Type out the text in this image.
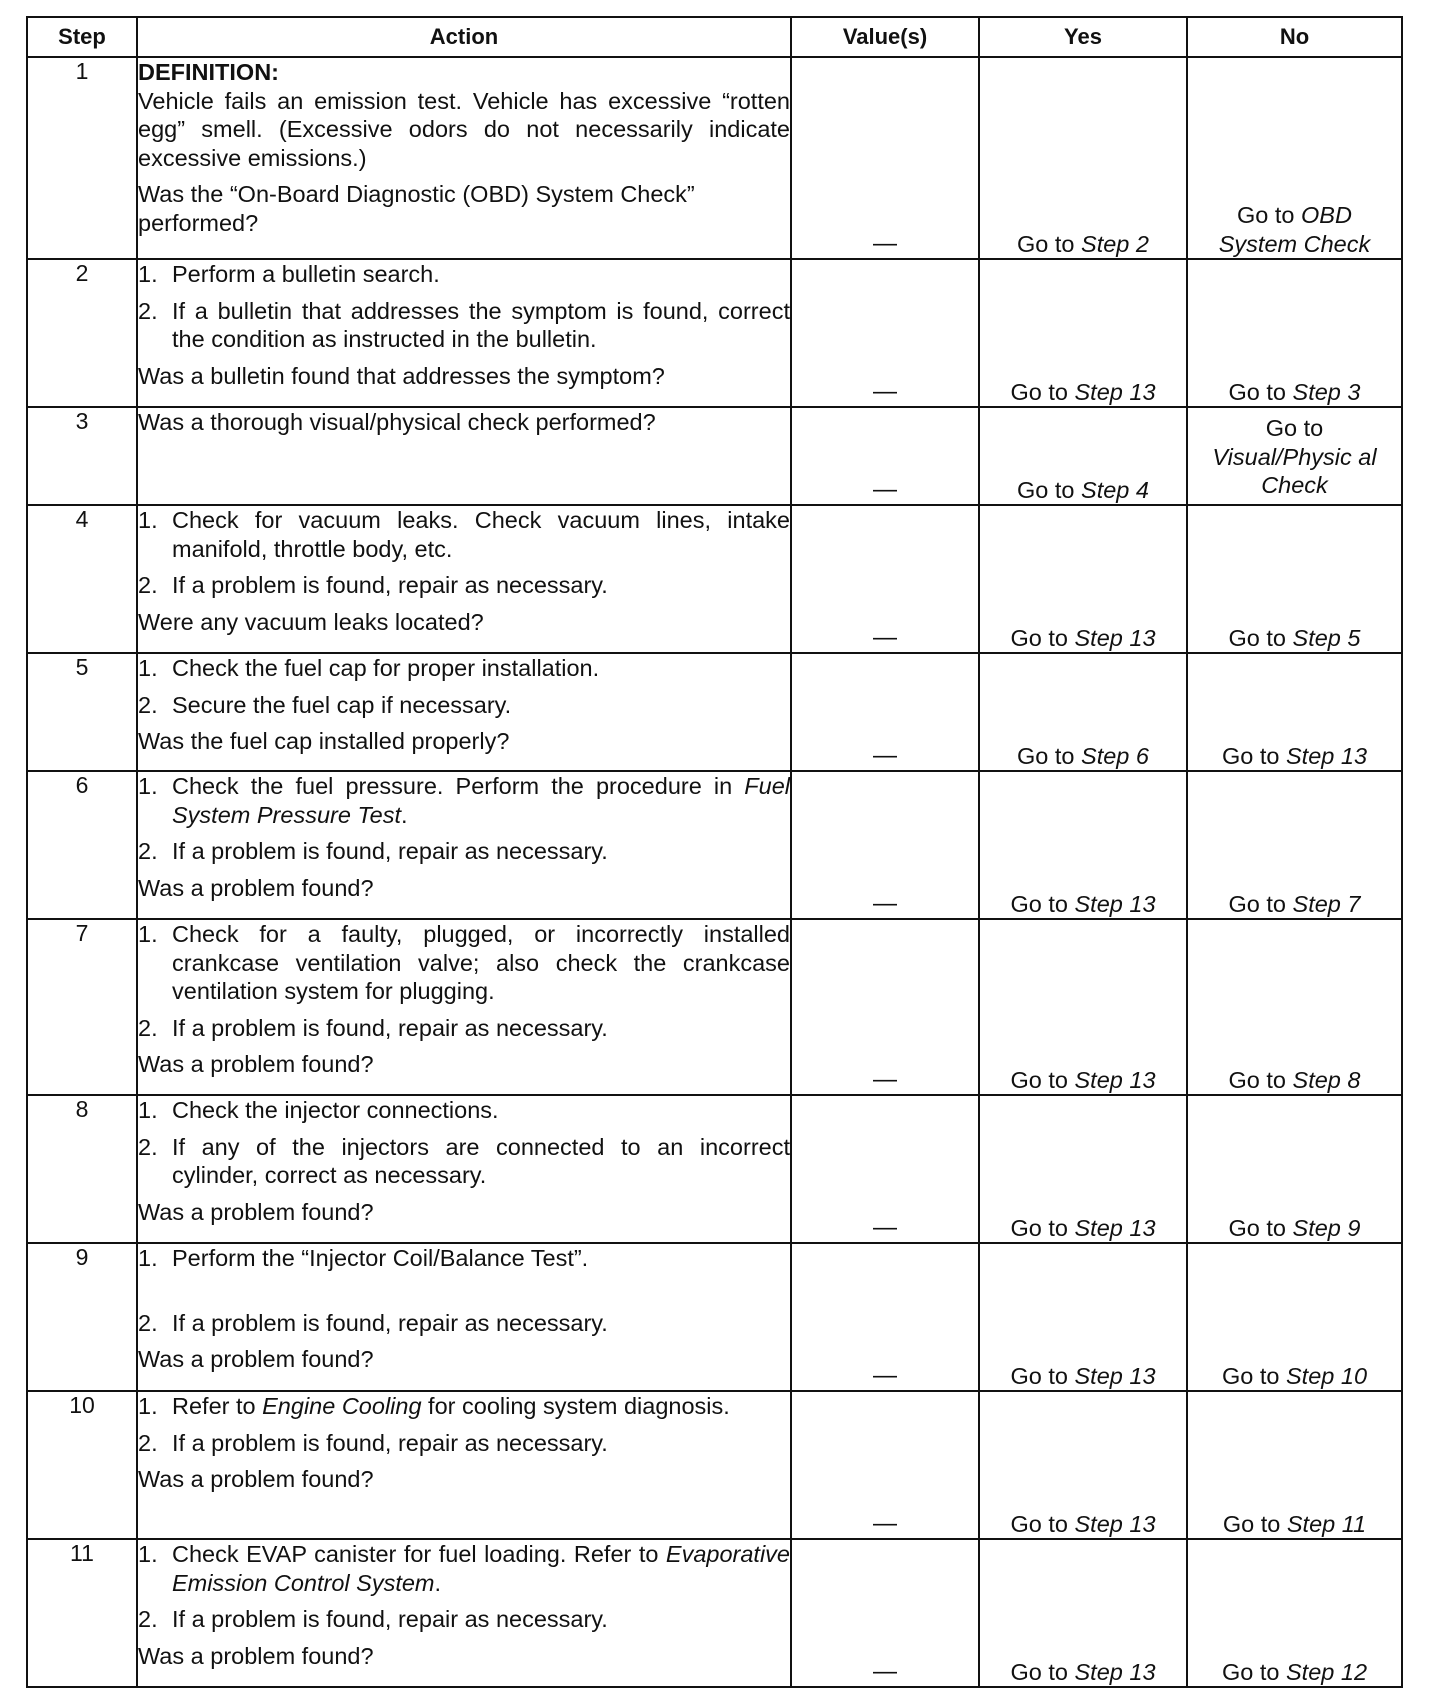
Step	Action	Value(s)	Yes	No
1	DEFINITION:
Vehicle fails an emission test. Vehicle has excessive “rotten egg” smell. (Excessive odors do not necessarily indicate excessive emissions.)
Was the “On-Board Diagnostic (OBD) System Check” performed?	—	Go to Step 2	Go to OBD System Check
2	1. Perform a bulletin search.
2. If a bulletin that addresses the symptom is found, correct the condition as instructed in the bulletin.
Was a bulletin found that addresses the symptom?	—	Go to Step 13	Go to Step 3
3	Was a thorough visual/physical check performed?	—	Go to Step 4	Go to
Visual/Physic al Check

4	1. Check for vacuum leaks. Check vacuum lines, intake manifold, throttle body, etc.
2. If a problem is found, repair as necessary.
Were any vacuum leaks located?	—	Go to Step 13	Go to Step 5
5	1. Check the fuel cap for proper installation.
2. Secure the fuel cap if necessary.
Was the fuel cap installed properly?	—	Go to Step 6	Go to Step 13
6	1. Check the fuel pressure. Perform the procedure in Fuel System Pressure Test.
2. If a problem is found, repair as necessary.
Was a problem found?	—	Go to Step 13	Go to Step 7
7	1. Check for a faulty, plugged, or incorrectly installed crankcase ventilation valve; also check the crankcase ventilation system for plugging.
2. If a problem is found, repair as necessary.
Was a problem found?	—	Go to Step 13	Go to Step 8
8	1. Check the injector connections.
2. If any of the injectors are connected to an incorrect cylinder, correct as necessary.
Was a problem found?	—	Go to Step 13	Go to Step 9
9	1. Perform the “Injector Coil/Balance Test”.
2. If a problem is found, repair as necessary.
Was a problem found?	—	Go to Step 13	Go to Step 10
10	1. Refer to Engine Cooling for cooling system diagnosis.
2. If a problem is found, repair as necessary.
Was a problem found?	—	Go to Step 13	Go to Step 11
11	1. Check EVAP canister for fuel loading. Refer to Evaporative Emission Control System.
2. If a problem is found, repair as necessary.
Was a problem found?	—	Go to Step 13	Go to Step 12
